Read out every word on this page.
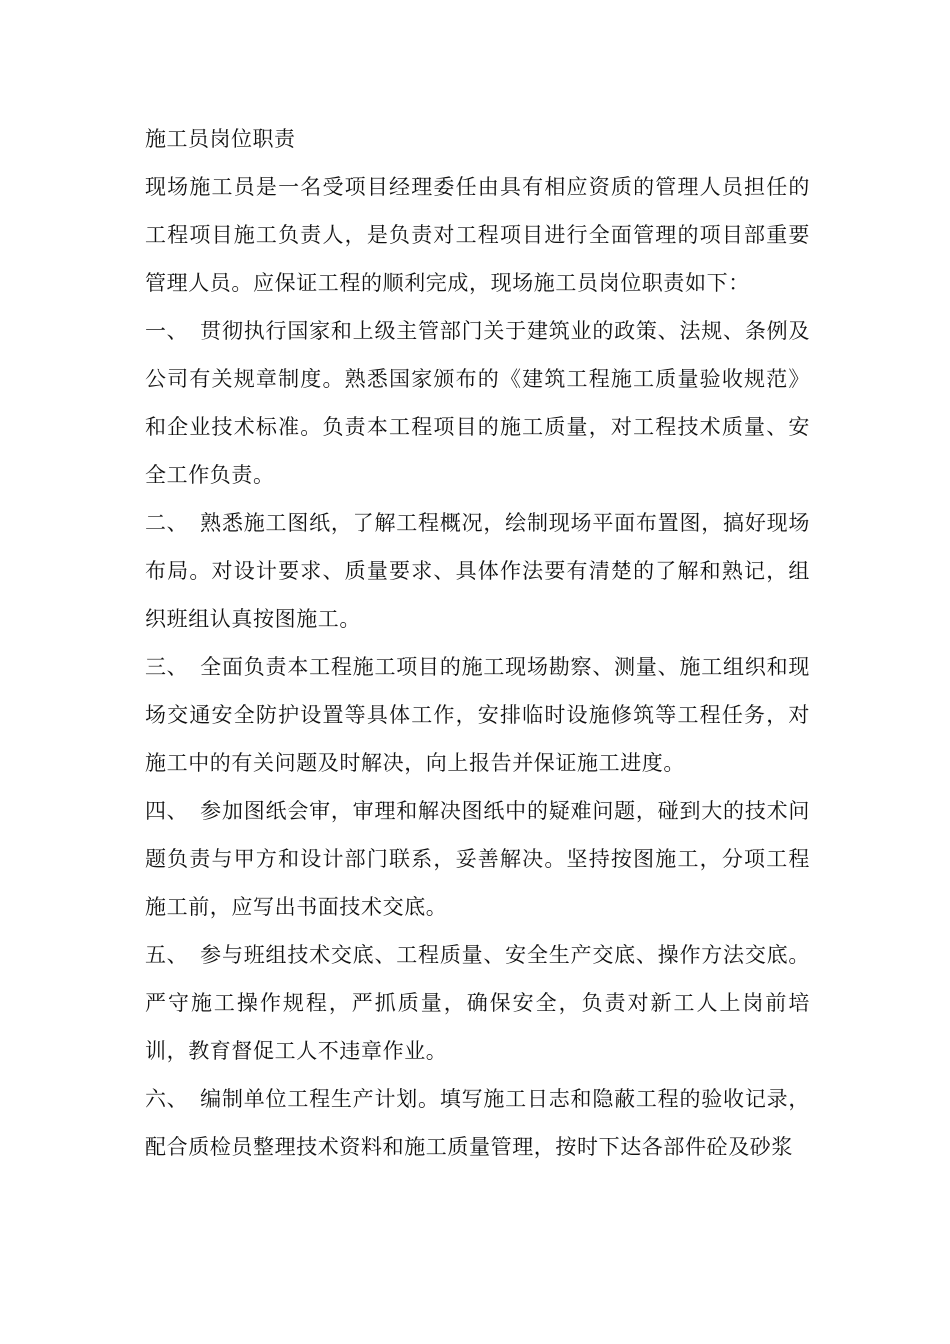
施工员岗位职责

现场施工员是一名受项目经理委任由具有相应资质的管理人员担任的工程项目施工负责人，是负责对工程项目进行全面管理的项目部重要管理人员。应保证工程的顺利完成，现场施工员岗位职责如下：

一、 贯彻执行国家和上级主管部门关于建筑业的政策、法规、条例及公司有关规章制度。熟悉国家颁布的《建筑工程施工质量验收规范》和企业技术标准。负责本工程项目的施工质量，对工程技术质量、安全工作负责。

二、 熟悉施工图纸，了解工程概况，绘制现场平面布置图，搞好现场布局。对设计要求、质量要求、具体作法要有清楚的了解和熟记，组织班组认真按图施工。

三、 全面负责本工程施工项目的施工现场勘察、测量、施工组织和现场交通安全防护设置等具体工作，安排临时设施修筑等工程任务，对施工中的有关问题及时解决，向上报告并保证施工进度。

四、 参加图纸会审，审理和解决图纸中的疑难问题，碰到大的技术问题负责与甲方和设计部门联系，妥善解决。坚持按图施工，分项工程施工前，应写出书面技术交底。

五、 参与班组技术交底、工程质量、安全生产交底、操作方法交底。严守施工操作规程，严抓质量，确保安全，负责对新工人上岗前培训，教育督促工人不违章作业。

六、 编制单位工程生产计划。填写施工日志和隐蔽工程的验收记录，配合质检员整理技术资料和施工质量管理，按时下达各部件砼及砂浆
